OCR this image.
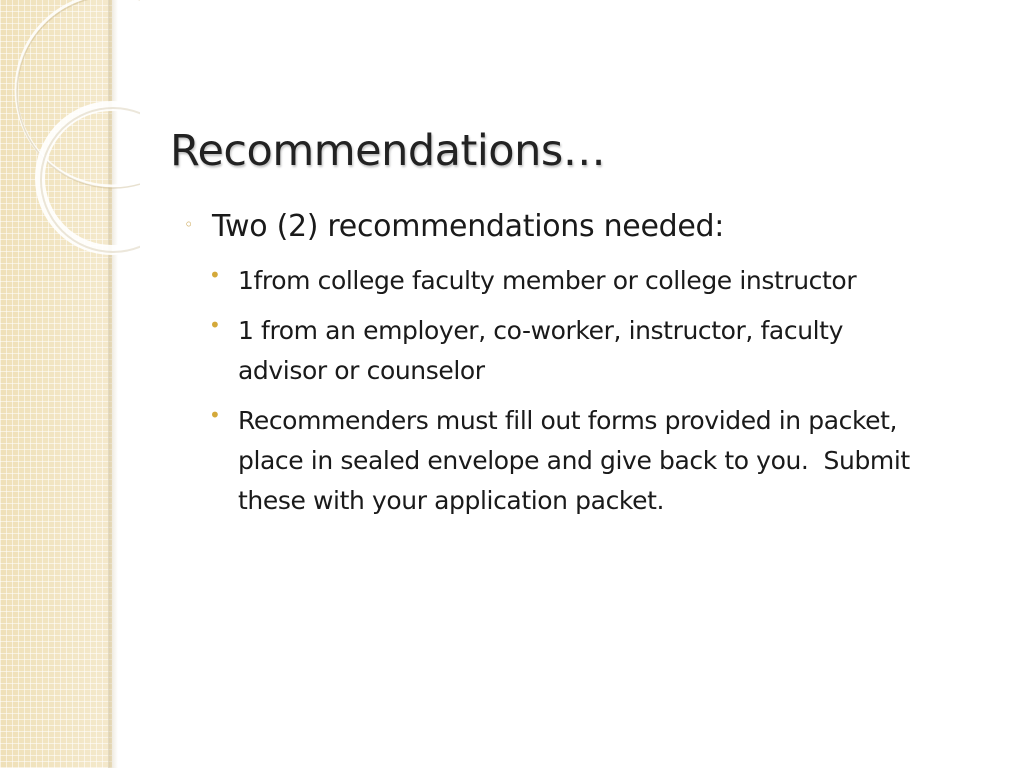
Recommendations…
◦ Two (2) recommendations needed:
• 1from college faculty member or college instructor
• 1 from an employer, co-worker, instructor, faculty advisor or counselor
• Recommenders must fill out forms provided in packet, place in sealed envelope and give back to you.  Submit these with your application packet.
